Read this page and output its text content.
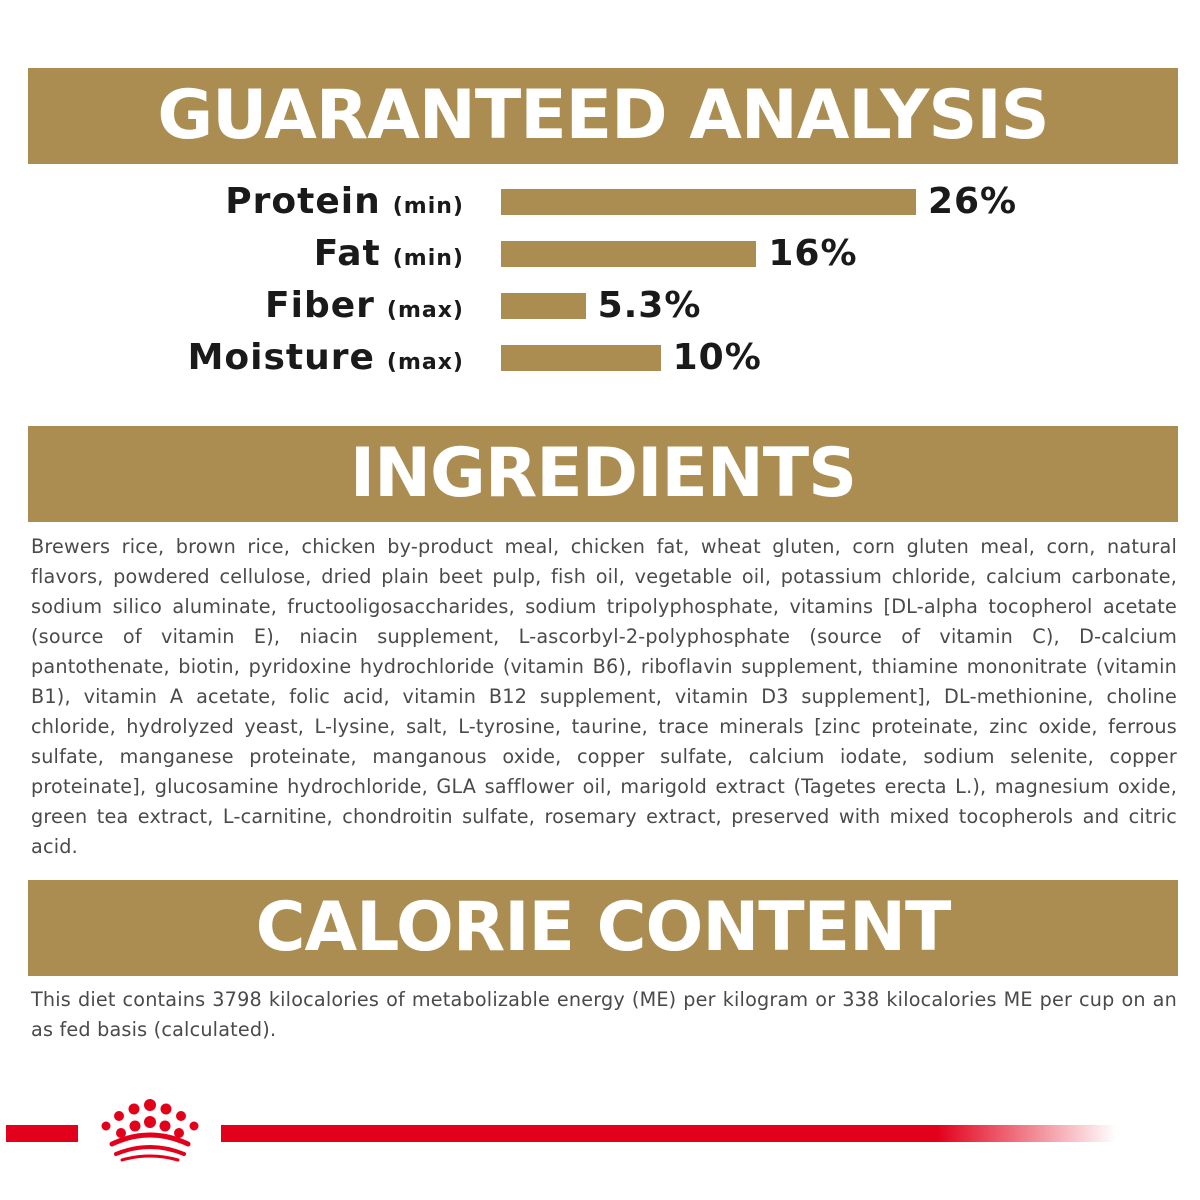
GUARANTEED ANALYSIS
Protein (min)	26%
Fat (min)	16%
Fiber (max)	5.3%
Moisture (max)	10%
INGREDIENTS

Brewers rice, brown rice, chicken by-product meal, chicken fat, wheat gluten, corn gluten meal, corn, natural flavors, powdered cellulose, dried plain beet pulp, fish oil, vegetable oil, potassium chloride, calcium carbonate, sodium silico aluminate, fructooligosaccharides, sodium tripolyphosphate, vitamins [DL-alpha tocopherol acetate (source of vitamin E), niacin supplement, L-ascorbyl-2-polyphosphate (source of vitamin C), D-calcium pantothenate, biotin, pyridoxine hydrochloride (vitamin B6), riboflavin supplement, thiamine mononitrate (vitamin B1), vitamin A acetate, folic acid, vitamin B12 supplement, vitamin D3 supplement], DL-methionine, choline chloride, hydrolyzed yeast, L-lysine, salt, L-tyrosine, taurine, trace minerals [zinc proteinate, zinc oxide, ferrous sulfate, manganese proteinate, manganous oxide, copper sulfate, calcium iodate, sodium selenite, copper proteinate], glucosamine hydrochloride, GLA safflower oil, marigold extract (Tagetes erecta L.), magnesium oxide, green tea extract, L-carnitine, chondroitin sulfate, rosemary extract, preserved with mixed tocopherols and citric acid.

CALORIE CONTENT

This diet contains 3798 kilocalories of metabolizable energy (ME) per kilogram or 338 kilocalories ME per cup on an as fed basis (calculated).
